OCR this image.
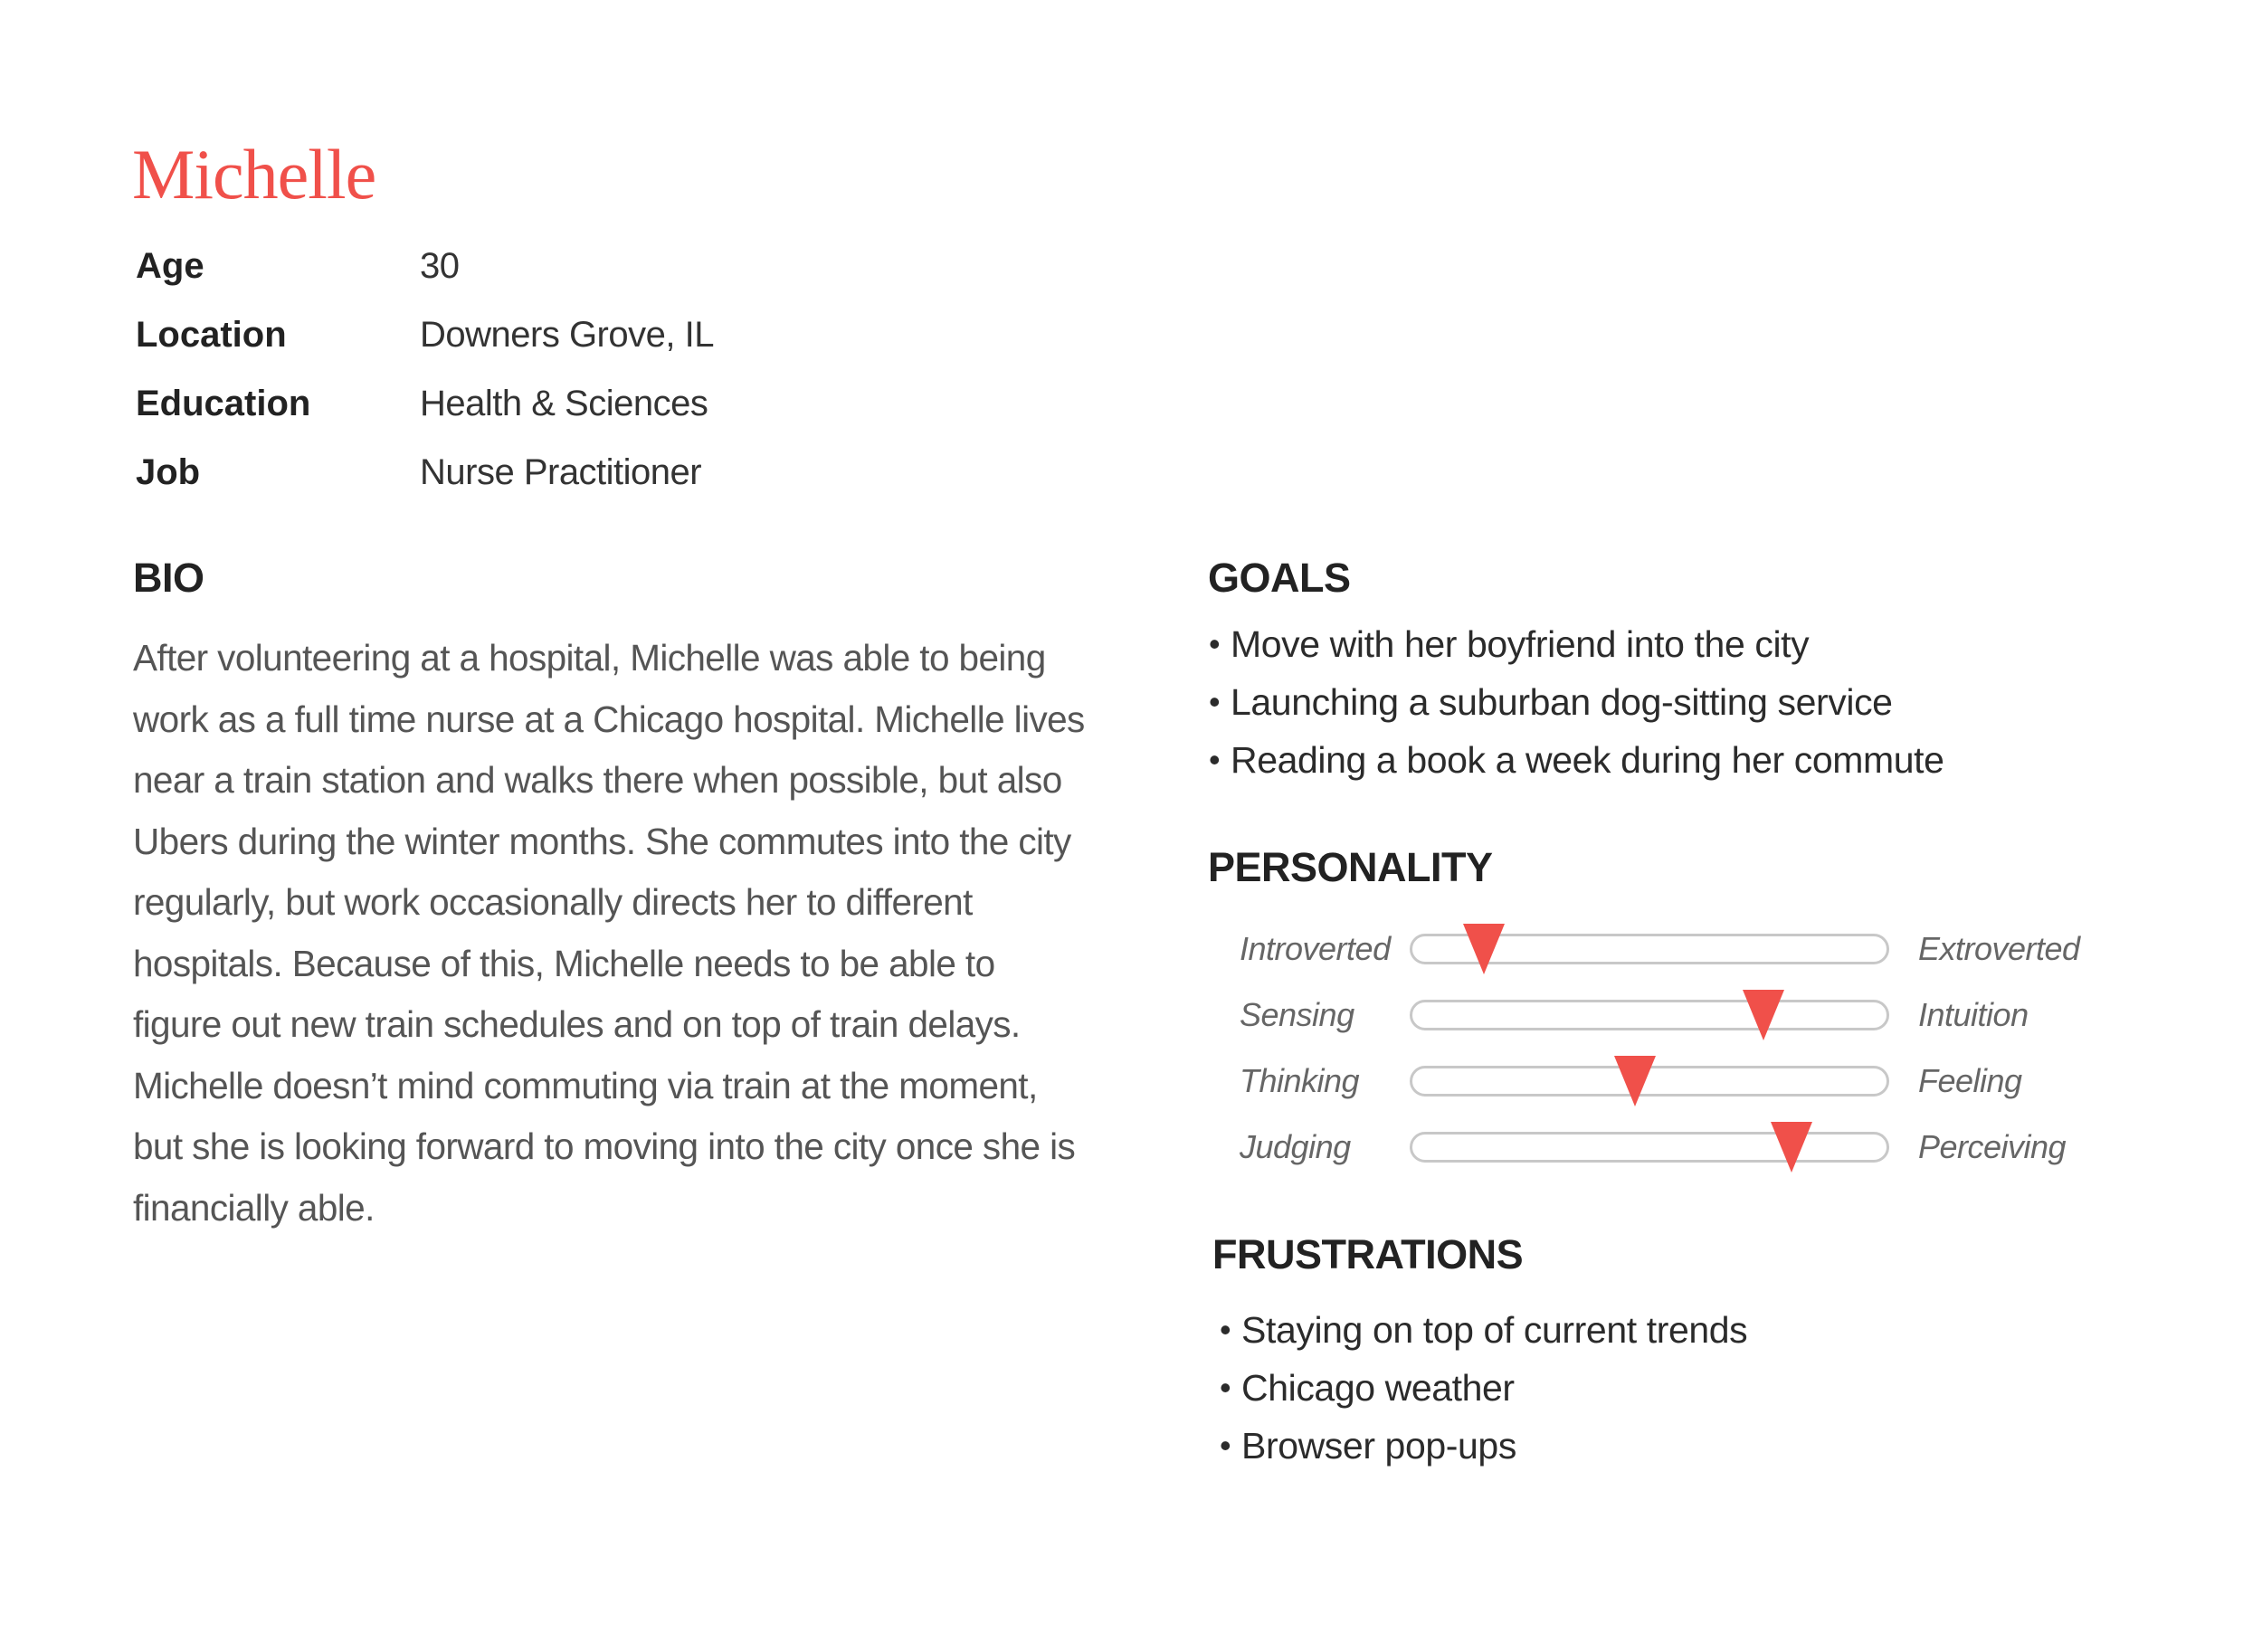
Michelle
Age	30
Location	Downers Grove, IL
Education	Health & Sciences
Job	Nurse Practitioner
BIO

After volunteering at a hospital, Michelle was able to being work as a full time nurse at a Chicago hospital. Michelle lives near a train station and walks there when possible, but also Ubers during the winter months. She commutes into the city regularly, but work occasionally directs her to different hospitals. Because of this, Michelle needs to be able to figure out new train schedules and on top of train delays. Michelle doesn’t mind commuting via train at the moment, but she is looking forward to moving into the city once she is financially able.

GOALS
• Move with her boyfriend into the city
• Launching a suburban dog-sitting service
• Reading a book a week during her commute
PERSONALITY
Introverted	Extroverted
Sensing	Intuition
Thinking	Feeling
Judging	Perceiving
FRUSTRATIONS
• Staying on top of current trends
• Chicago weather
• Browser pop-ups
